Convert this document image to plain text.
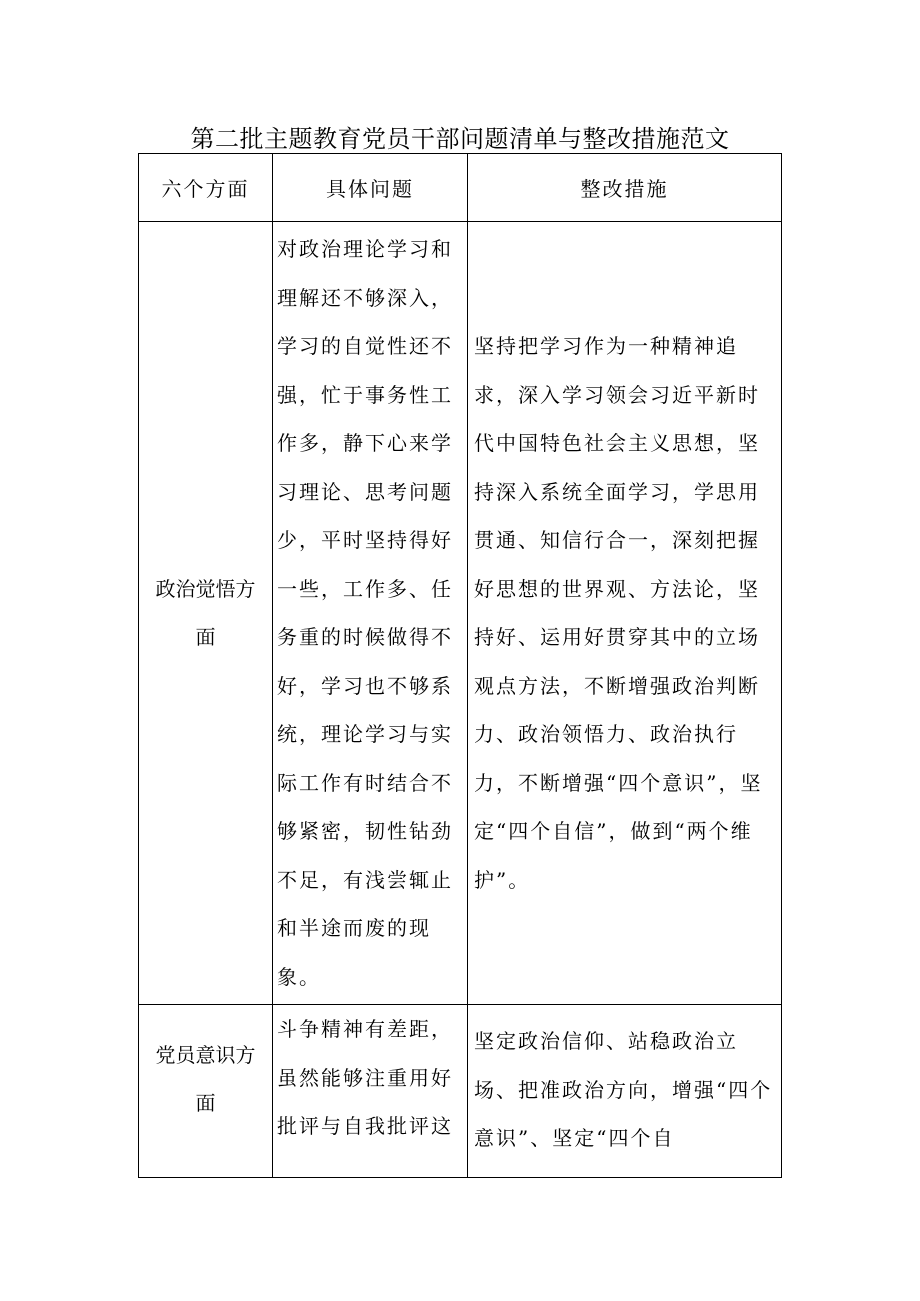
第二批主题教育党员干部问题清单与整改措施范文
六个方面	具体问题	整改措施
政治觉悟方面	对政治理论学习和理解还不够深入，学习的自觉性还不强，忙于事务性工作多，静下心来学习理论、思考问题少，平时坚持得好一些，工作多、任务重的时候做得不好，学习也不够系统，理论学习与实际工作有时结合不够紧密，韧性钻劲不足，有浅尝辄止和半途而废的现象。	坚持把学习作为一种精神追求，深入学习领会习近平新时代中国特色社会主义思想，坚持深入系统全面学习，学思用贯通、知信行合一，深刻把握好思想的世界观、方法论，坚持好、运用好贯穿其中的立场观点方法，不断增强政治判断力、政治领悟力、政治执行力，不断增强“四个意识”，坚定“四个自信”，做到“两个维护”。
党员意识方面	斗争精神有差距，虽然能够注重用好批评与自我批评这	坚定政治信仰、站稳政治立场、把准政治方向，增强“四个意识”、坚定“四个自
